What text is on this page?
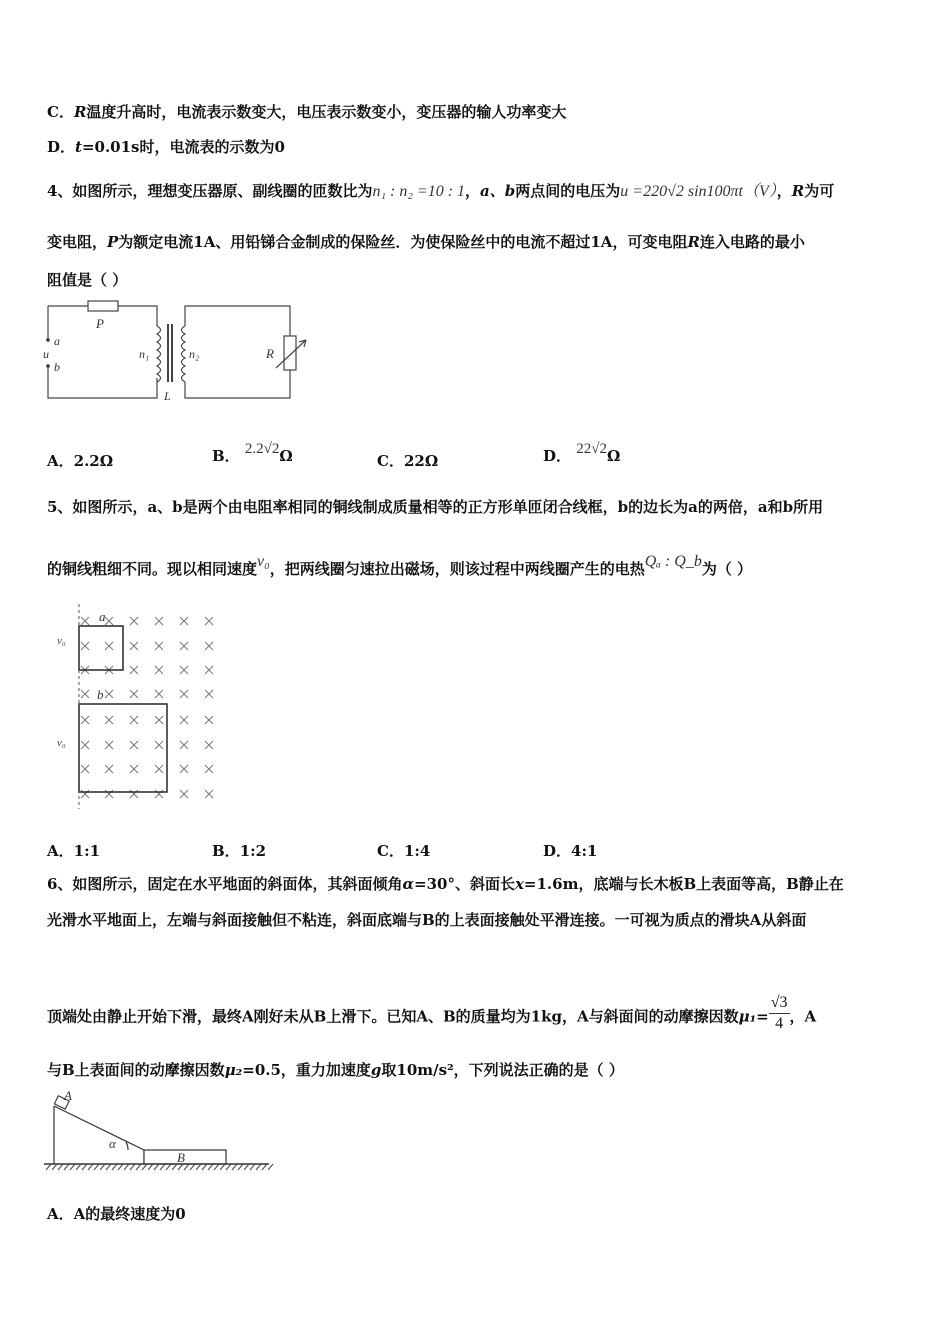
C．R温度升高时，电流表示数变大，电压表示数变小，变压器的输人功率变大
D．t=0.01s时，电流表的示数为0
4、如图所示，理想变压器原、副线圈的匝数比为n₁ : n₂ =10 : 1，a、b两点间的电压为u =220√2 sin100πt（V），R为可
变电阻，P为额定电流1A、用铅锑合金制成的保险丝．为使保险丝中的电流不超过1A，可变电阻R连入电路的最小
阻值是（ ）
P
a
u
b
n₁	n₂
L
R
A．2.2Ω	B． 2.2√2Ω	C．22Ω	D． 22√2Ω
5、如图所示，a、b是两个由电阻率相同的铜线制成质量相等的正方形单匝闭合线框，b的边长为a的两倍，a和b所用
的铜线粗细不同。现以相同速度v₀，把两线圈匀速拉出磁场，则该过程中两线圈产生的电热Qₐ : Q_b为（ ）
v₀
v₀
a
b
A．1:1	B．1:2	C．1:4	D．4:1
6、如图所示，固定在水平地面的斜面体，其斜面倾角α=30°、斜面长x=1.6m，底端与长木板B上表面等高，B静止在
光滑水平地面上，左端与斜面接触但不粘连，斜面底端与B的上表面接触处平滑连接。一可视为质点的滑块A从斜面
顶端处由静止开始下滑，最终A刚好未从B上滑下。已知A、B的质量均为1kg，A与斜面间的动摩擦因数$\mu_1= \frac{√3}{4}$ ，A
与B上表面间的动摩擦因数μ₂=0.5，重力加速度g取10m/s²，下列说法正确的是（ ）
A
α
B
A．A的最终速度为0
